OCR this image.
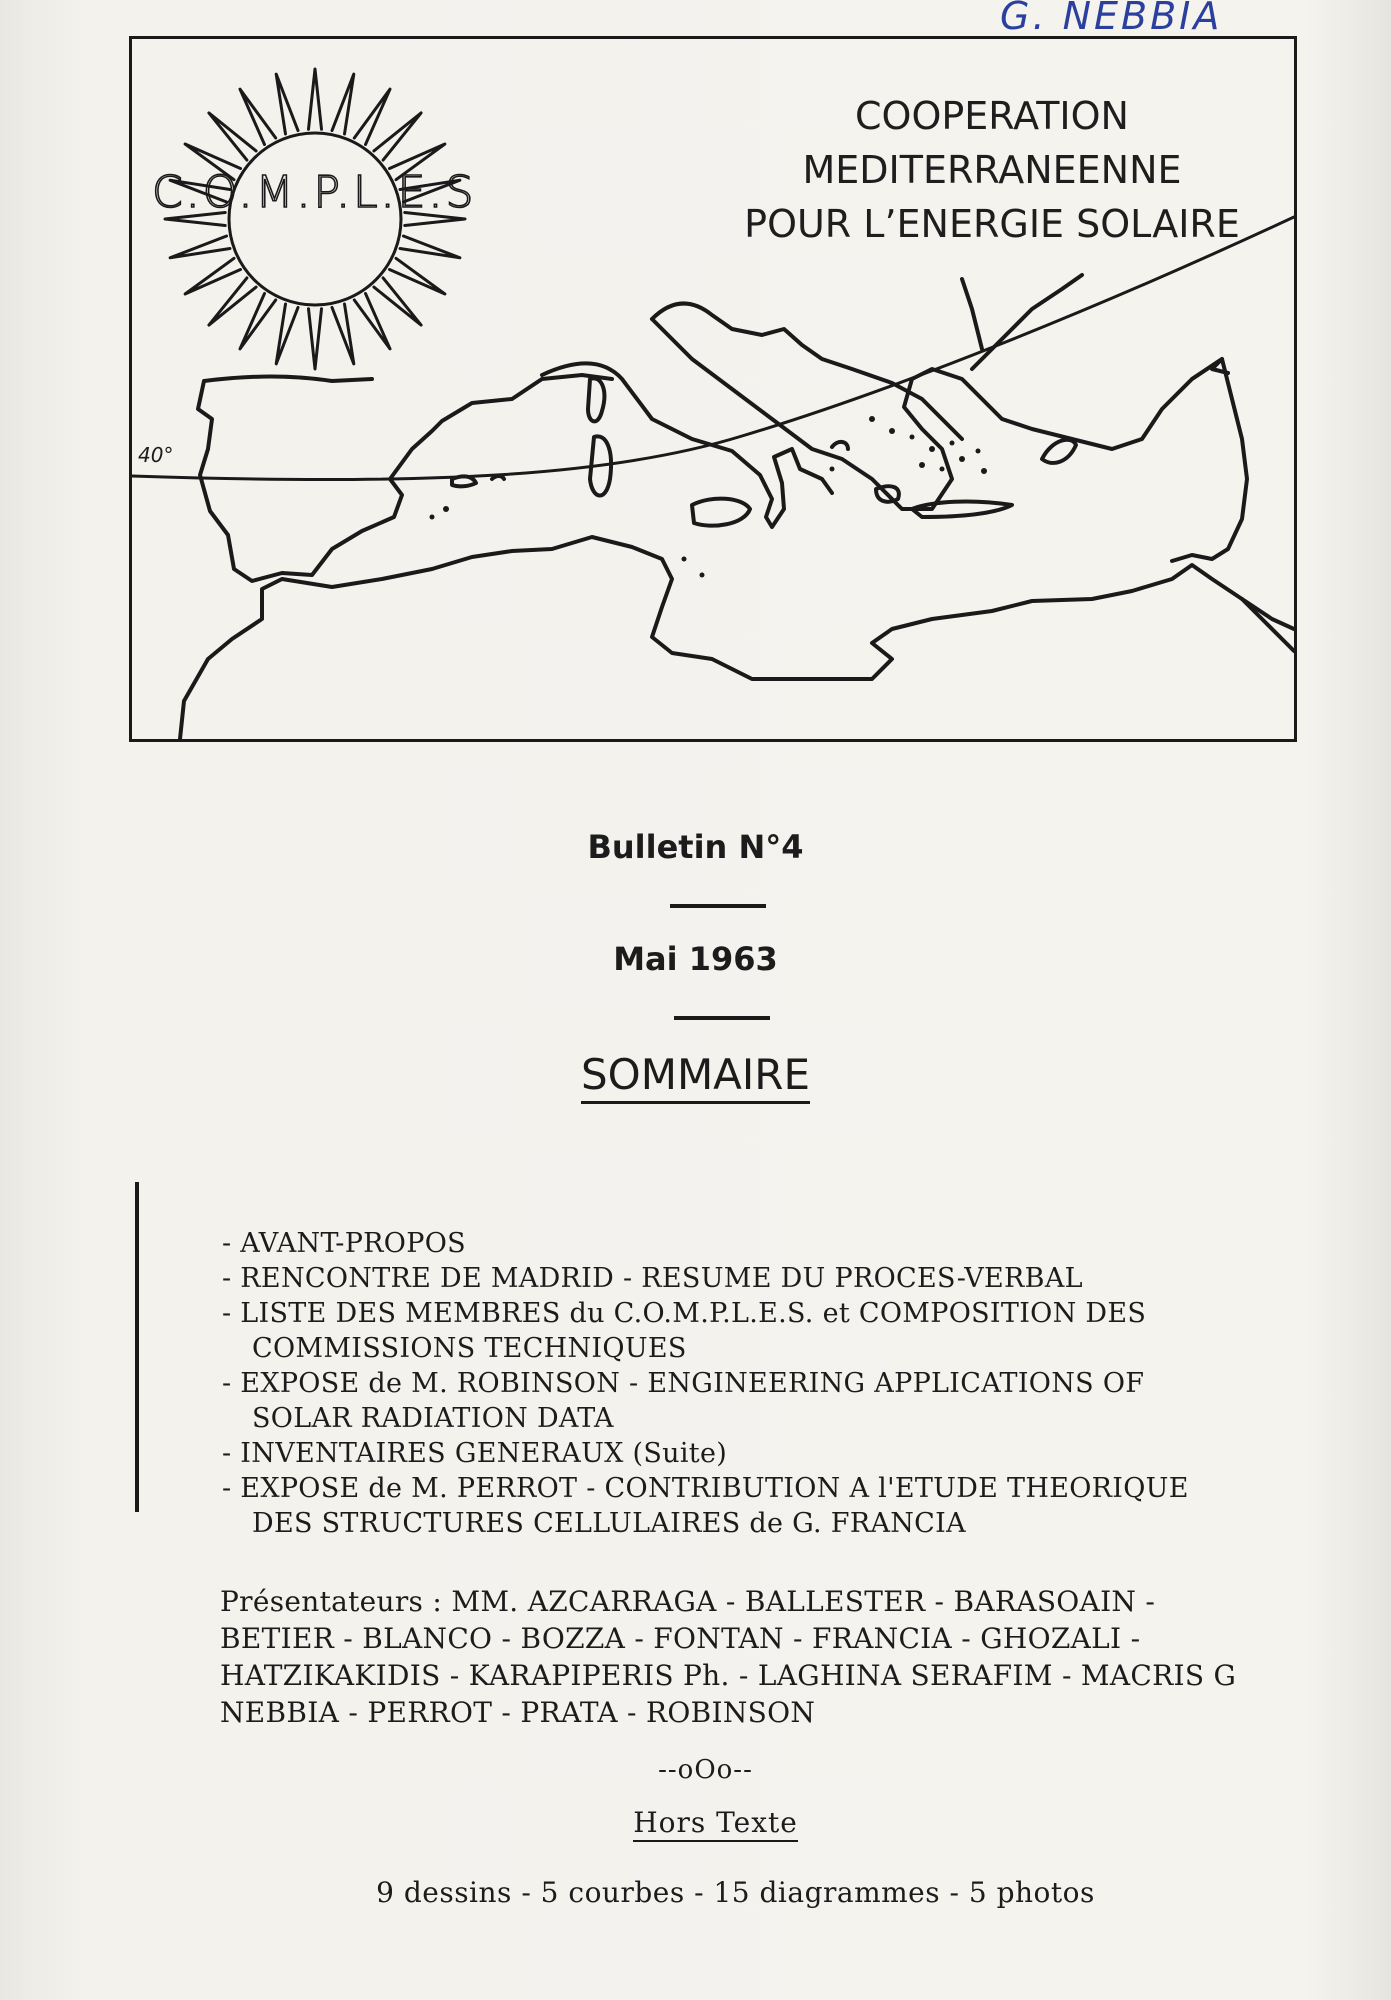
G. NEBBIA
C.O.M.P.L.E.S
40°
COOPERATION
MEDITERRANEENNE
POUR L’ENERGIE SOLAIRE
Bulletin N°4
Mai 1963
SOMMAIRE
- AVANT-PROPOS
- RENCONTRE DE MADRID - RESUME DU PROCES-VERBAL
- LISTE DES MEMBRES du C.O.M.P.L.E.S. et COMPOSITION DES
COMMISSIONS TECHNIQUES
- EXPOSE de M. ROBINSON - ENGINEERING APPLICATIONS OF
SOLAR RADIATION DATA
- INVENTAIRES GENERAUX (Suite)
- EXPOSE de M. PERROT - CONTRIBUTION A l'ETUDE THEORIQUE
DES STRUCTURES CELLULAIRES de G. FRANCIA
Présentateurs : MM. AZCARRAGA - BALLESTER - BARASOAIN -
BETIER - BLANCO - BOZZA - FONTAN - FRANCIA - GHOZALI -
HATZIKAKIDIS - KARAPIPERIS Ph. - LAGHINA SERAFIM - MACRIS G
NEBBIA - PERROT - PRATA - ROBINSON
--oOo--
Hors Texte
9 dessins - 5 courbes - 15 diagrammes - 5 photos
